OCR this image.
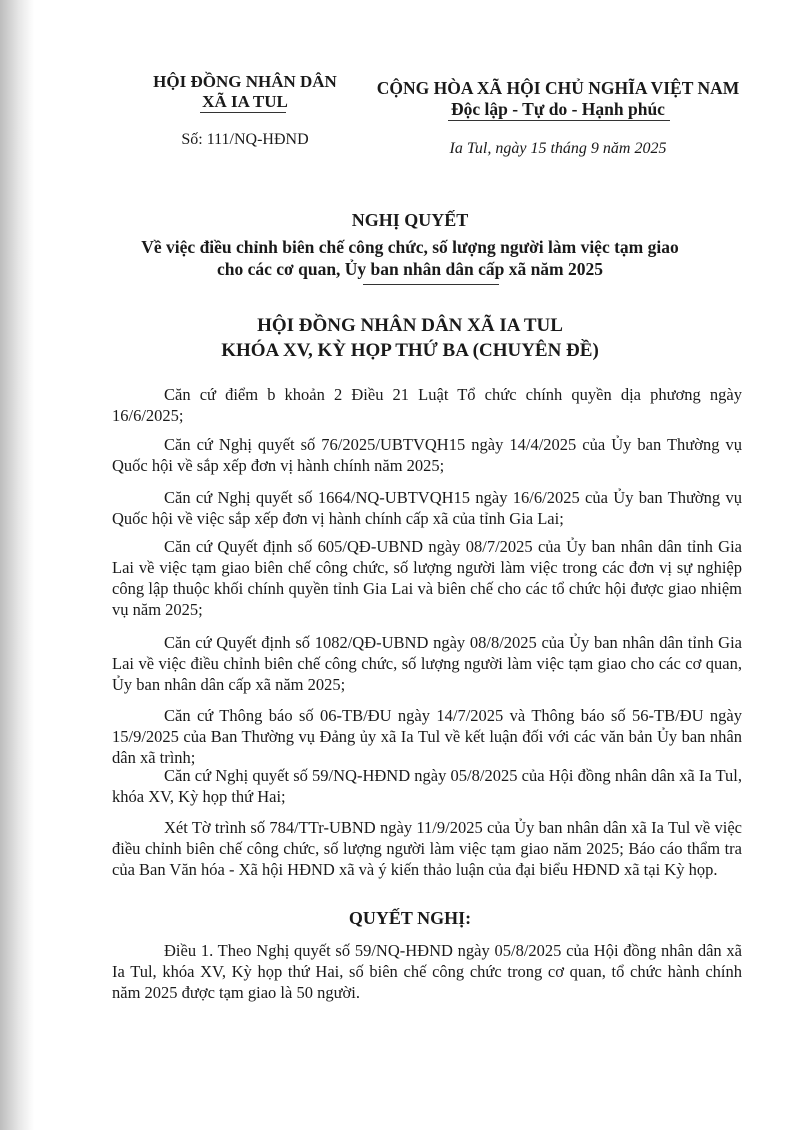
HỘI ĐỒNG NHÂN DÂN
XÃ IA TUL
Số: 111/NQ-HĐND
CỘNG HÒA XÃ HỘI CHỦ NGHĨA VIỆT NAM
Độc lập - Tự do - Hạnh phúc
Ia Tul, ngày 15 tháng 9 năm 2025
NGHỊ QUYẾT
Về việc điều chỉnh biên chế công chức, số lượng người làm việc tạm giao
cho các cơ quan, Ủy ban nhân dân cấp xã năm 2025
HỘI ĐỒNG NHÂN DÂN XÃ IA TUL
KHÓA XV, KỲ HỌP THỨ BA (CHUYÊN ĐỀ)

Căn cứ điểm b khoản 2 Điều 21 Luật Tổ chức chính quyền dịa phương ngày 16/6/2025;

Căn cứ Nghị quyết số 76/2025/UBTVQH15 ngày 14/4/2025 của Ủy ban Thường vụ Quốc hội về sắp xếp đơn vị hành chính năm 2025;

Căn cứ Nghị quyết số 1664/NQ-UBTVQH15 ngày 16/6/2025 của Ủy ban Thường vụ Quốc hội về việc sắp xếp đơn vị hành chính cấp xã của tỉnh Gia Lai;

Căn cứ Quyết định số 605/QĐ-UBND ngày 08/7/2025 của Ủy ban nhân dân tỉnh Gia Lai về việc tạm giao biên chế công chức, số lượng người làm việc trong các đơn vị sự nghiệp công lập thuộc khối chính quyền tỉnh Gia Lai và biên chế cho các tổ chức hội được giao nhiệm vụ năm 2025;

Căn cứ Quyết định số 1082/QĐ-UBND ngày 08/8/2025 của Ủy ban nhân dân tỉnh Gia Lai về việc điều chỉnh biên chế công chức, số lượng người làm việc tạm giao cho các cơ quan, Ủy ban nhân dân cấp xã năm 2025;

Căn cứ Thông báo số 06-TB/ĐU ngày 14/7/2025 và Thông báo số 56-TB/ĐU ngày 15/9/2025 của Ban Thường vụ Đảng ủy xã Ia Tul về kết luận đối với các văn bản Ủy ban nhân dân xã trình;

Căn cứ Nghị quyết số 59/NQ-HĐND ngày 05/8/2025 của Hội đồng nhân dân xã Ia Tul, khóa XV, Kỳ họp thứ Hai;

Xét Tờ trình số 784/TTr-UBND ngày 11/9/2025 của Ủy ban nhân dân xã Ia Tul về việc điều chỉnh biên chế công chức, số lượng người làm việc tạm giao năm 2025; Báo cáo thẩm tra của Ban Văn hóa - Xã hội HĐND xã và ý kiến thảo luận của đại biểu HĐND xã tại Kỳ họp.

QUYẾT NGHỊ:

Điều 1. Theo Nghị quyết số 59/NQ-HĐND ngày 05/8/2025 của Hội đồng nhân dân xã Ia Tul, khóa XV, Kỳ họp thứ Hai, số biên chế công chức trong cơ quan, tổ chức hành chính năm 2025 được tạm giao là 50 người.
